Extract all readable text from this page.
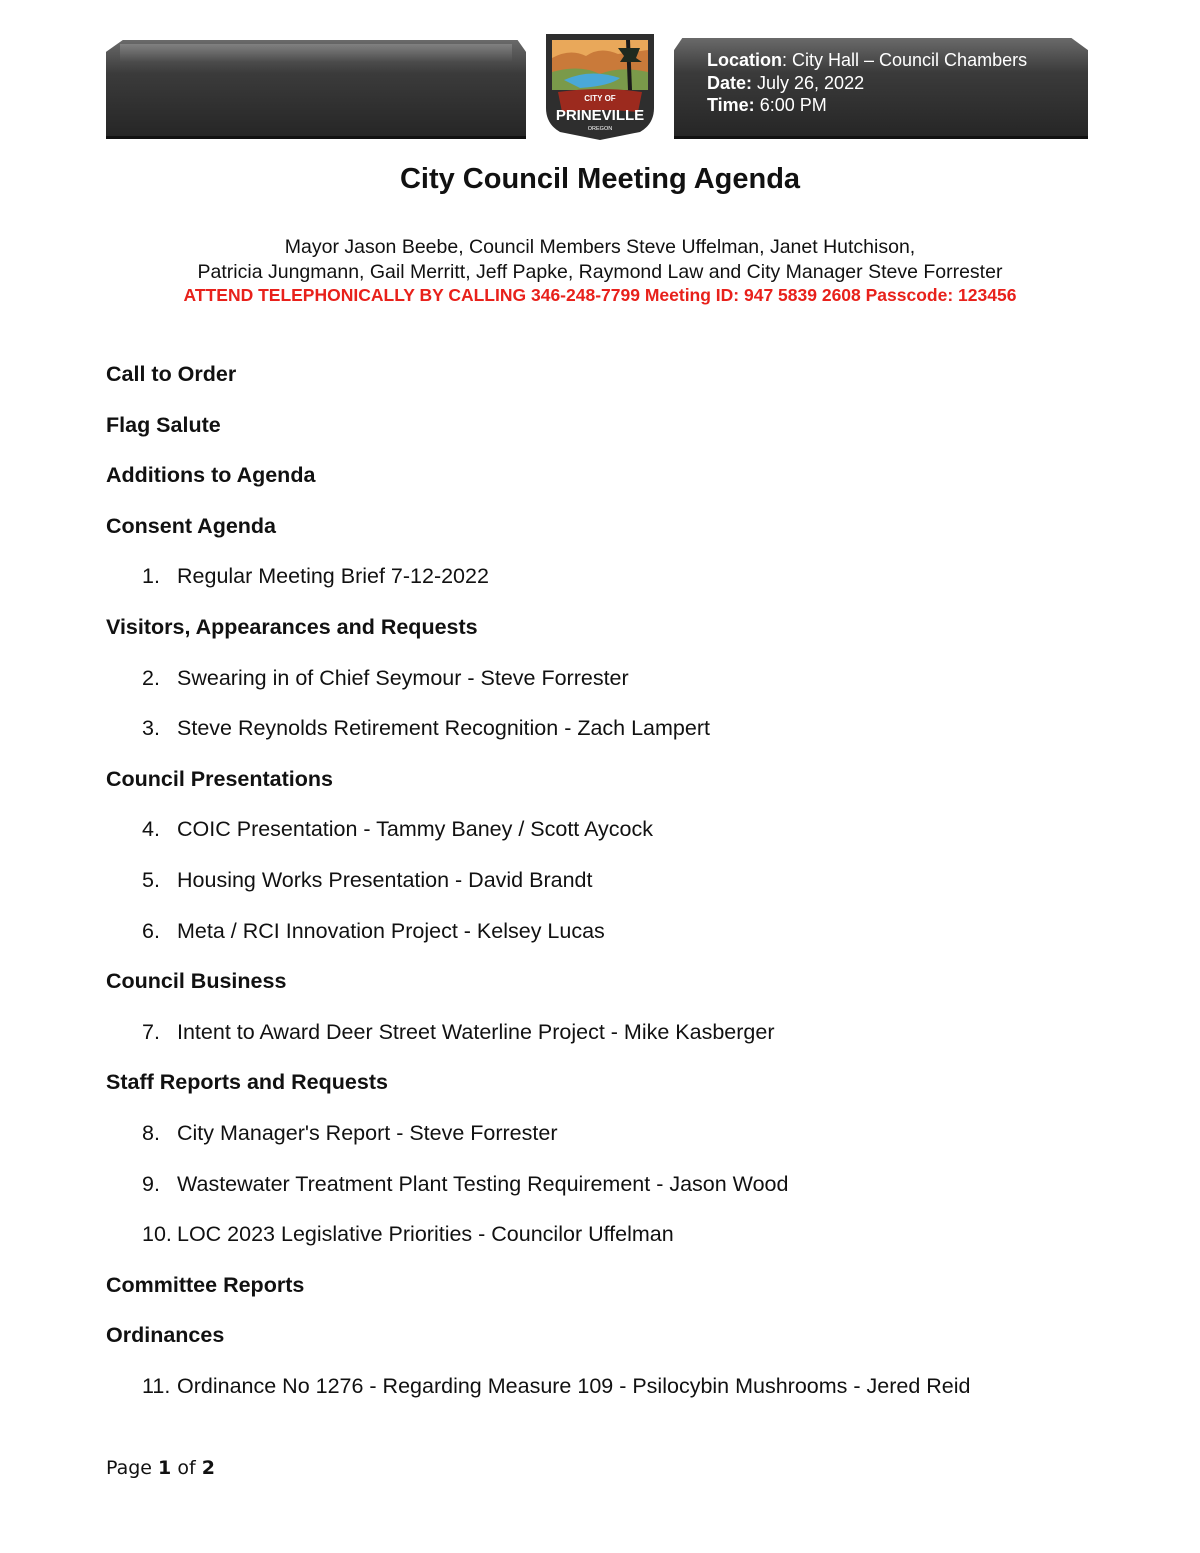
Location: City Hall – Council Chambers
Date: July 26, 2022
Time: 6:00 PM
CITY OF
PRINEVILLE
OREGON
City Council Meeting Agenda
Mayor Jason Beebe, Council Members Steve Uffelman, Janet Hutchison,
Patricia Jungmann, Gail Merritt, Jeff Papke, Raymond Law and City Manager Steve Forrester
ATTEND TELEPHONICALLY BY CALLING 346-248-7799 Meeting ID: 947 5839 2608 Passcode: 123456
Call to Order
Flag Salute
Additions to Agenda
Consent Agenda
1. Regular Meeting Brief 7-12-2022
Visitors, Appearances and Requests
2. Swearing in of Chief Seymour - Steve Forrester
3. Steve Reynolds Retirement Recognition - Zach Lampert
Council Presentations
4. COIC Presentation - Tammy Baney / Scott Aycock
5. Housing Works Presentation - David Brandt
6. Meta / RCI Innovation Project - Kelsey Lucas
Council Business
7. Intent to Award Deer Street Waterline Project - Mike Kasberger
Staff Reports and Requests
8. City Manager's Report - Steve Forrester
9. Wastewater Treatment Plant Testing Requirement - Jason Wood
10. LOC 2023 Legislative Priorities - Councilor Uffelman
Committee Reports
Ordinances
11. Ordinance No 1276 - Regarding Measure 109 - Psilocybin Mushrooms - Jered Reid
Page 1 of 2
